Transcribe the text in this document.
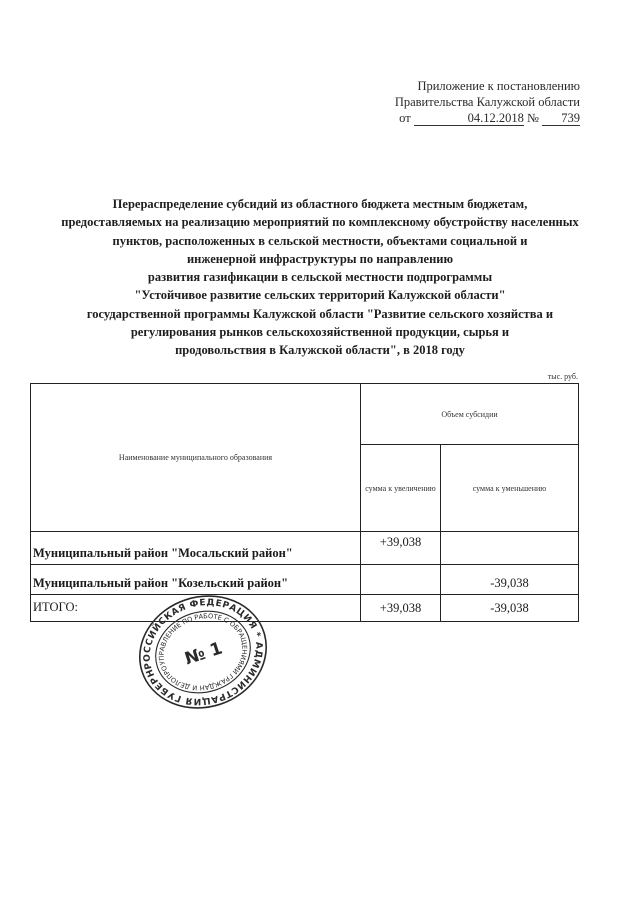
Приложение к постановлению
Правительства Калужской области
от	04.12.2018 № 739
Перераспределение субсидий из областного бюджета местным бюджетам,
предоставляемых на реализацию мероприятий по комплексному обустройству населенных
пунктов, расположенных в сельской местности, объектами социальной и
инженерной инфраструктуры по направлению
развития газификации в сельской местности подпрограммы
"Устойчивое развитие сельских территорий Калужской области"
государственной программы Калужской области "Развитие сельского хозяйства и
регулирования рынков сельскохозяйственной продукции, сырья и
продовольствия в Калужской области", в 2018 году
тыс. руб.
Наименование муниципального образования	Объем субсидии	
	сумма к увеличению	сумма к уменьшению
Муниципальный район "Мосальский район"	+39,038	
Муниципальный район "Козельский район"		-39,038
ИТОГО:	+39,038	-39,038
РОССИЙСКАЯ ФЕДЕРАЦИЯ * АДМИНИСТРАЦИЯ ГУБЕРНАТОРА
УПРАВЛЕНИЕ ПО РАБОТЕ С ОБРАЩЕНИЯМИ ГРАЖДАН И ДЕЛОПРОИЗВОДСТВУ
№ 1
